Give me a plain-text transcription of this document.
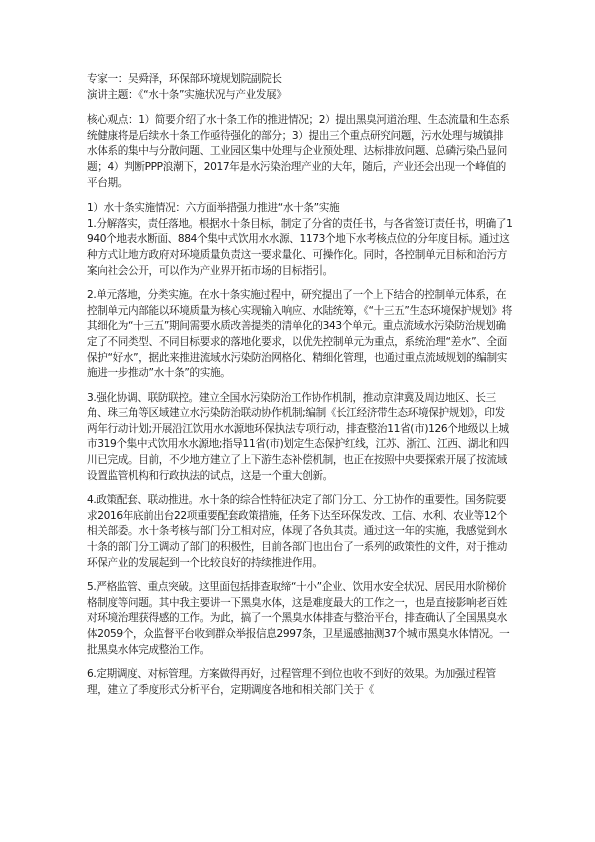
专家一：吴舜泽，环保部环境规划院副院长

演讲主题：《“水十条”实施状况与产业发展》

核心观点：1）简要介绍了水十条工作的推进情况；2）提出黑臭河道治理、生态流量和生态系统健康将是后续水十条工作亟待强化的部分；3）提出三个重点研究问题，污水处理与城镇排水体系的集中与分散问题、工业园区集中处理与企业预处理、达标排放问题、总磷污染凸显问题；4）判断PPP浪潮下，2017年是水污染治理产业的大年，随后，产业还会出现一个峰值的平台期。

1）水十条实施情况：六方面举措强力推进“水十条”实施

1.分解落实，责任落地。根据水十条目标，制定了分省的责任书，与各省签订责任书，明确了1940个地表水断面、884个集中式饮用水水源、1173个地下水考核点位的分年度目标。通过这种方式让地方政府对环境质量负责这一要求量化、可操作化。同时，各控制单元目标和治污方案向社会公开，可以作为产业界开拓市场的目标指引。

2.单元落地，分类实施。在水十条实施过程中，研究提出了一个上下结合的控制单元体系，在控制单元内部能以环境质量为核心实现输入响应、水陆统筹，《“十三五”生态环境保护规划》将其细化为“十三五”期间需要水质改善提类的清单化的343个单元。重点流域水污染防治规划确定了不同类型、不同目标要求的落地化要求，以优先控制单元为重点，系统治理“差水”、全面保护“好水”，据此来推进流域水污染防治网格化、精细化管理，也通过重点流域规划的编制实施进一步推动”水十条”的实施。

3.强化协调、联防联控。建立全国水污染防治工作协作机制，推动京津冀及周边地区、长三角、珠三角等区域建立水污染防治联动协作机制;编制《长江经济带生态环境保护规划》，印发两年行动计划;开展沿江饮用水水源地环保执法专项行动，排查整治11省(市)126个地级以上城市319个集中式饮用水水源地;指导11省(市)划定生态保护红线，江苏、浙江、江西、湖北和四川已完成。目前，不少地方建立了上下游生态补偿机制，也正在按照中央要探索开展了按流域设置监管机构和行政执法的试点，这是一个重大创新。

4.政策配套、联动推进。水十条的综合性特征决定了部门分工、分工协作的重要性。国务院要求2016年底前出台22项重要配套政策措施，任务下达至环保发改、工信、水利、农业等12个相关部委。水十条考核与部门分工相对应，体现了各负其责。通过这一年的实施，我感觉到水十条的部门分工调动了部门的积极性，目前各部门也出台了一系列的政策性的文件，对于推动环保产业的发展起到一个比较良好的持续推进作用。

5.严格监管、重点突破。这里面包括排查取缔“十小”企业、饮用水安全状况、居民用水阶梯价格制度等问题。其中我主要讲一下黑臭水体，这是难度最大的工作之一，也是直接影响老百姓对环境治理获得感的工作。为此，搞了一个黑臭水体排查与整治平台，排查确认了全国黑臭水体2059个，众监督平台收到群众举报信息2997条，卫星遥感抽测37个城市黑臭水体情况。一批黑臭水体完成整治工作。

6.定期调度、对标管理。方案做得再好，过程管理不到位也收不到好的效果。为加强过程管理，建立了季度形式分析平台，定期调度各地和相关部门关于《
